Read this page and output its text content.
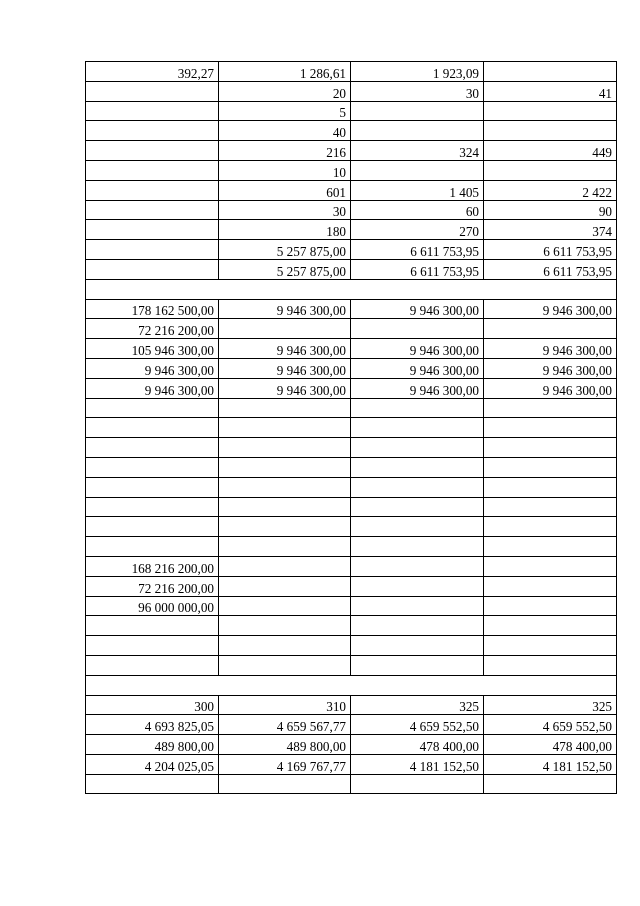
392,27	1 286,61	1 923,09	
	20	30	41
	5		
	40		
	216	324	449
	10		
	601	1 405	2 422
	30	60	90
	180	270	374
	5 257 875,00	6 611 753,95	6 611 753,95
	5 257 875,00	6 611 753,95	6 611 753,95

178 162 500,00	9 946 300,00	9 946 300,00	9 946 300,00
72 216 200,00			
105 946 300,00	9 946 300,00	9 946 300,00	9 946 300,00
9 946 300,00	9 946 300,00	9 946 300,00	9 946 300,00
9 946 300,00	9 946 300,00	9 946 300,00	9 946 300,00

168 216 200,00			
72 216 200,00			
96 000 000,00			

300	310	325	325
4 693 825,05	4 659 567,77	4 659 552,50	4 659 552,50
489 800,00	489 800,00	478 400,00	478 400,00
4 204 025,05	4 169 767,77	4 181 152,50	4 181 152,50
